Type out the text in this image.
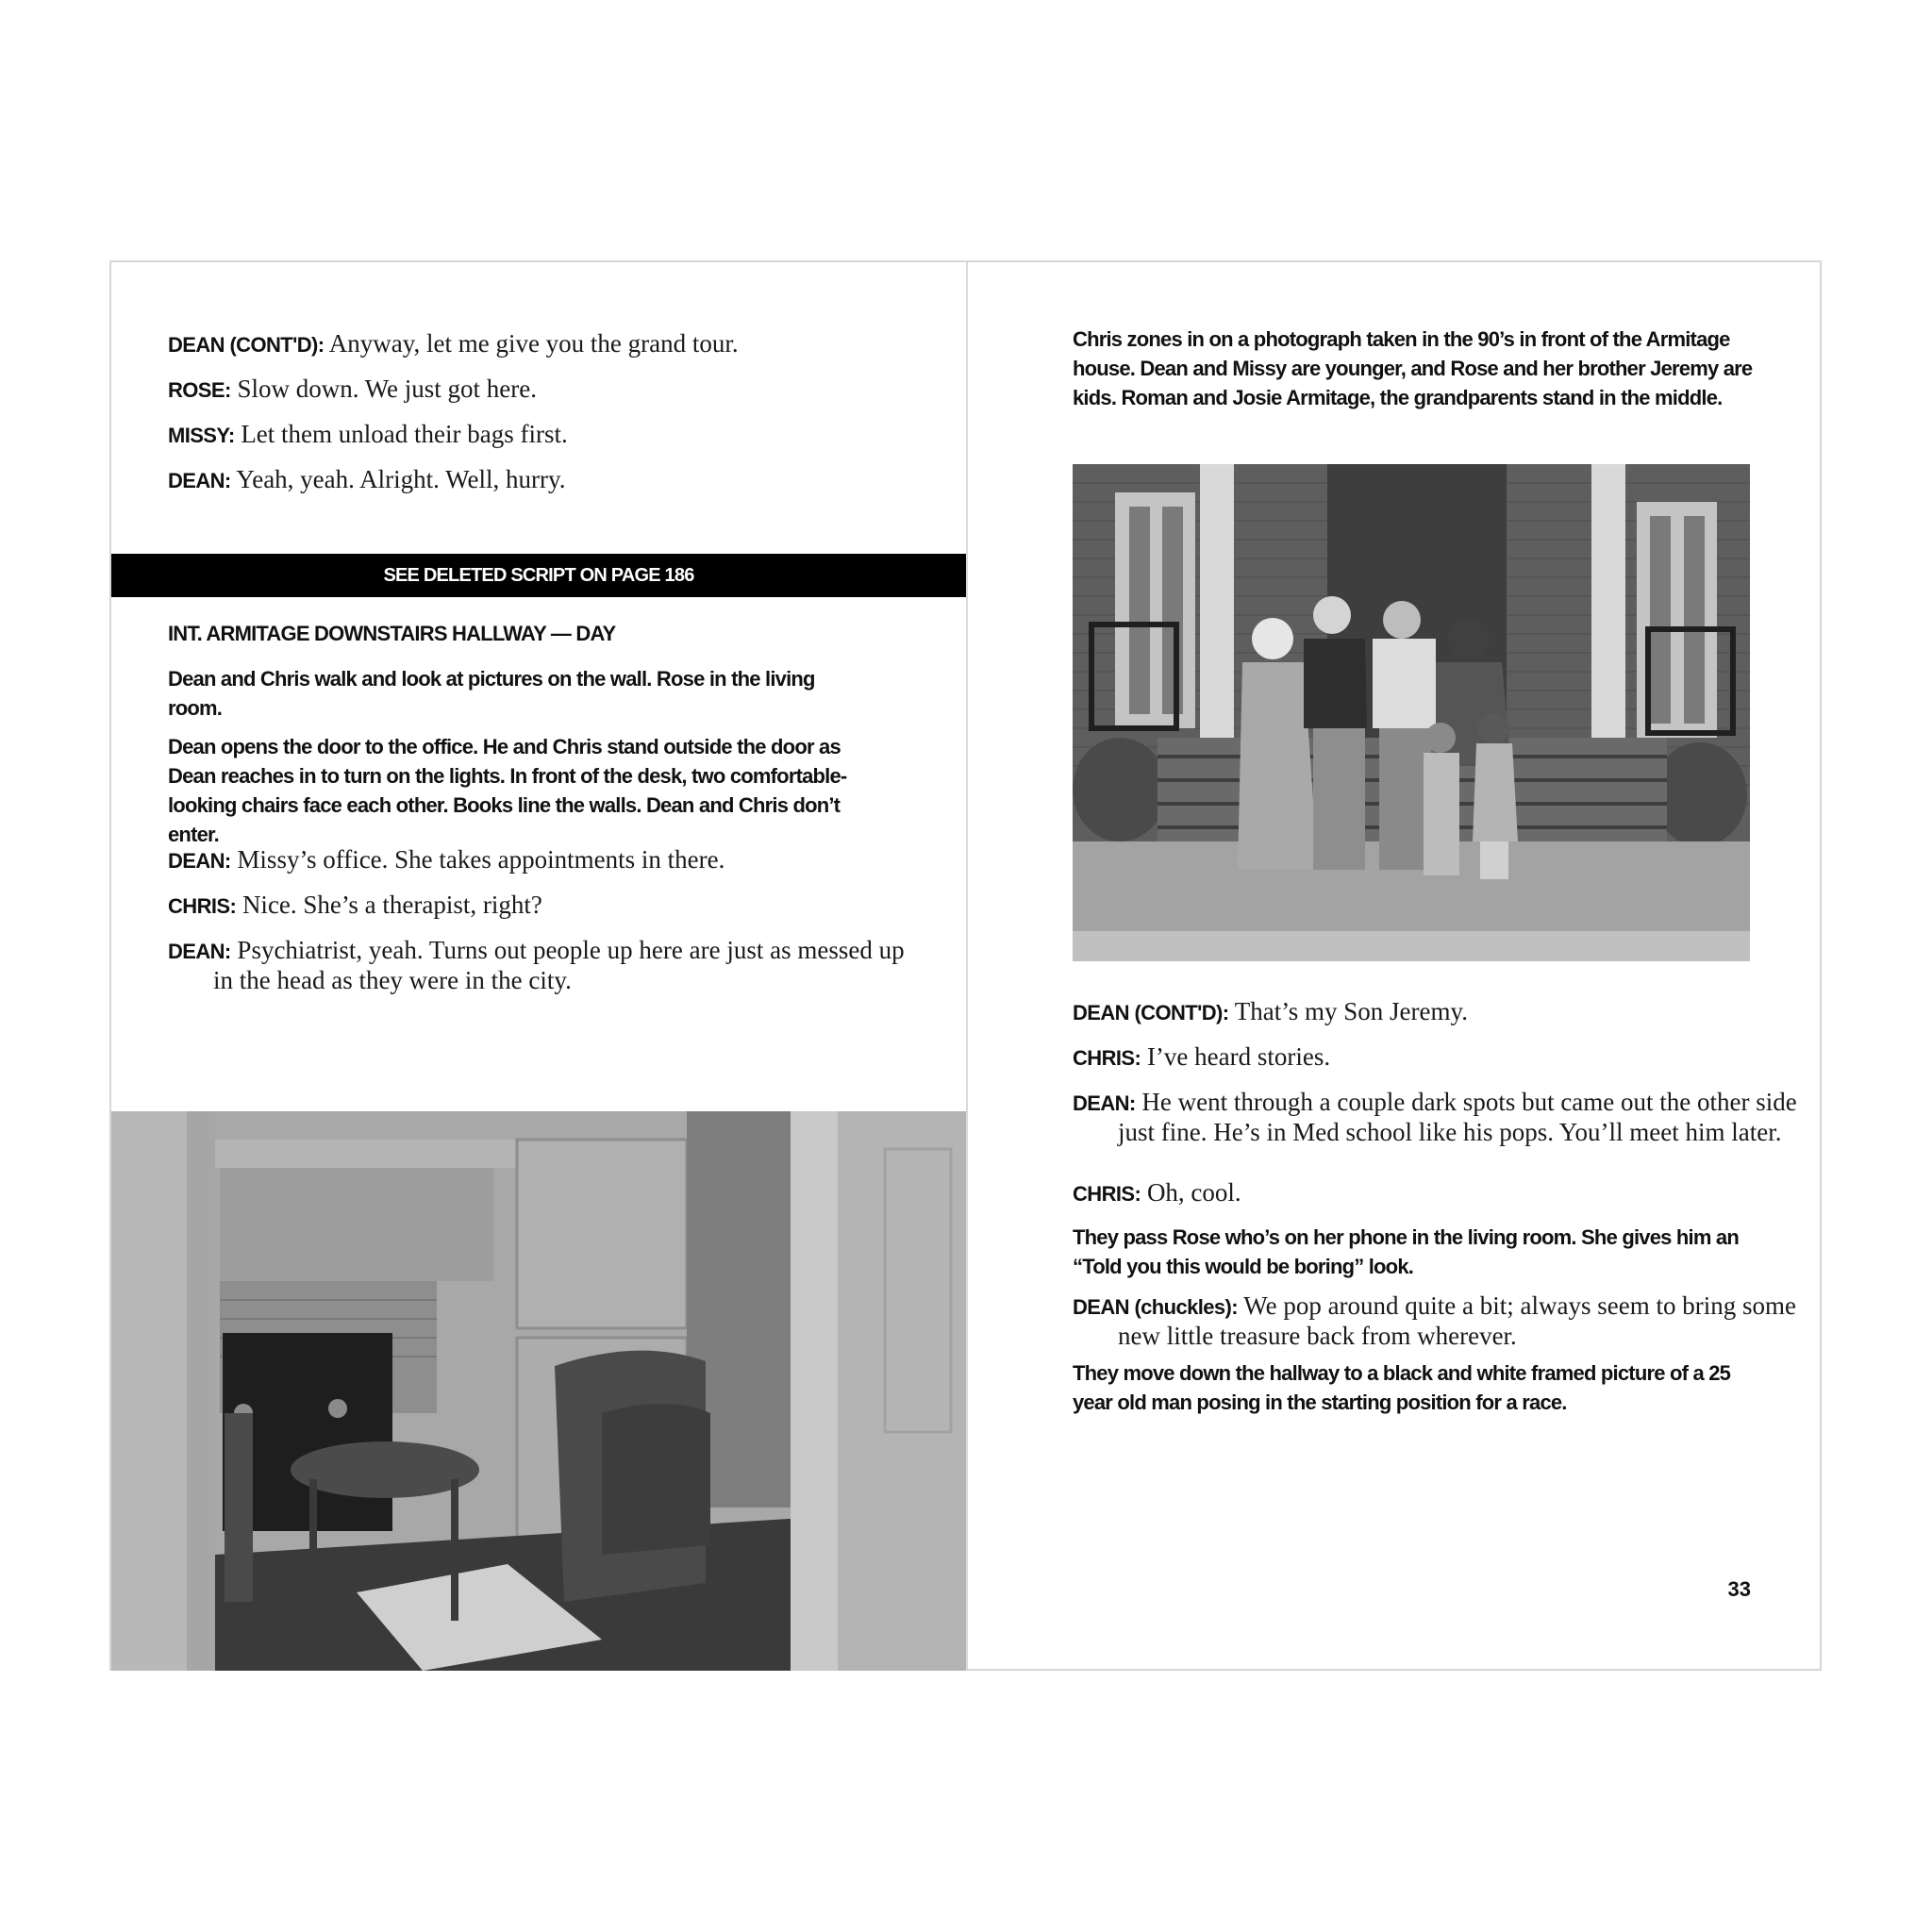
DEAN (CONT'D): Anyway, let me give you the grand tour.

ROSE: Slow down. We just got here.

MISSY: Let them unload their bags first.

DEAN: Yeah, yeah. Alright. Well, hurry.

SEE DELETED SCRIPT ON PAGE 186

INT. ARMITAGE DOWNSTAIRS HALLWAY — DAY

Dean and Chris walk and look at pictures on the wall. Rose in the living room.

Dean opens the door to the office. He and Chris stand outside the door as Dean reaches in to turn on the lights. In front of the desk, two comfortable-looking chairs face each other. Books line the walls. Dean and Chris don’t enter.

DEAN: Missy’s office. She takes appointments in there.

CHRIS: Nice. She’s a therapist, right?

DEAN: Psychiatrist, yeah. Turns out people up here are just as messed up in the head as they were in the city.

Chris zones in on a photograph taken in the 90’s in front of the Armitage house. Dean and Missy are younger, and Rose and her brother Jeremy are kids. Roman and Josie Armitage, the grandparents stand in the middle.

DEAN (CONT'D): That’s my Son Jeremy.

CHRIS: I’ve heard stories.

DEAN: He went through a couple dark spots but came out the other side just fine. He’s in Med school like his pops. You’ll meet him later.

CHRIS: Oh, cool.

They pass Rose who’s on her phone in the living room. She gives him an “Told you this would be boring” look.

DEAN (chuckles): We pop around quite a bit; always seem to bring some new little treasure back from wherever.

They move down the hallway to a black and white framed picture of a 25 year old man posing in the starting position for a race.

33
